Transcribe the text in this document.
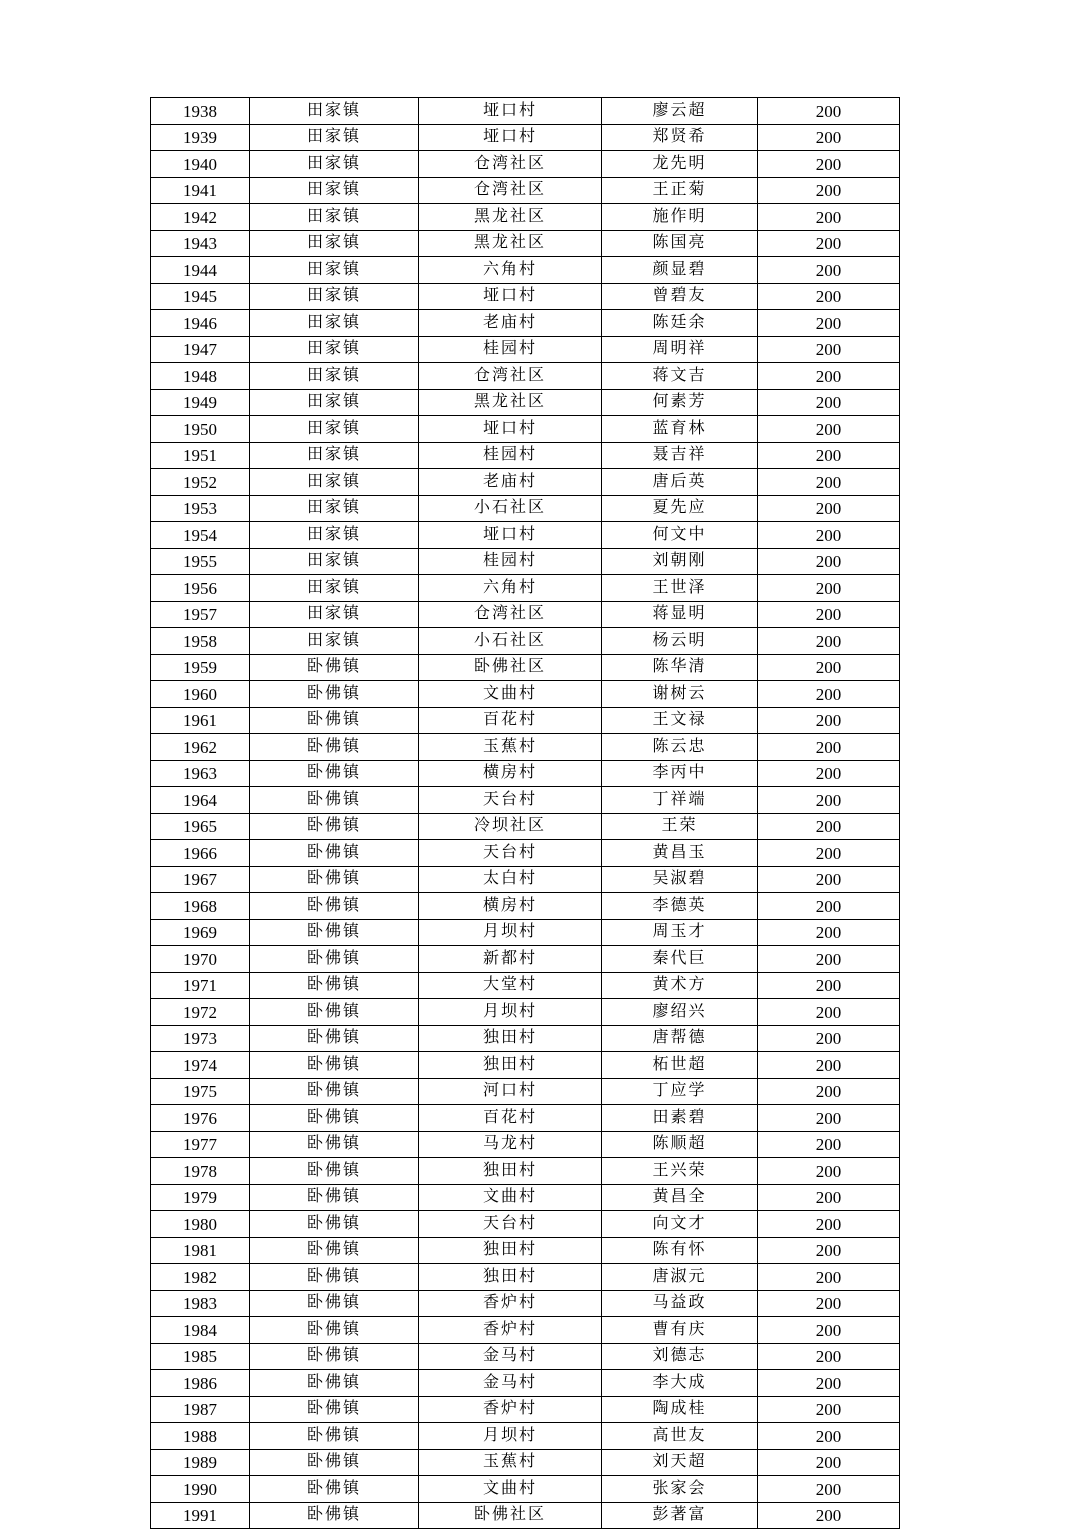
1938	田家镇	垭口村	廖云超	200
1939	田家镇	垭口村	郑贤希	200
1940	田家镇	仓湾社区	龙先明	200
1941	田家镇	仓湾社区	王正菊	200
1942	田家镇	黑龙社区	施作明	200
1943	田家镇	黑龙社区	陈国亮	200
1944	田家镇	六角村	颜显碧	200
1945	田家镇	垭口村	曾碧友	200
1946	田家镇	老庙村	陈廷余	200
1947	田家镇	桂园村	周明祥	200
1948	田家镇	仓湾社区	蒋文吉	200
1949	田家镇	黑龙社区	何素芳	200
1950	田家镇	垭口村	蓝育林	200
1951	田家镇	桂园村	聂吉祥	200
1952	田家镇	老庙村	唐后英	200
1953	田家镇	小石社区	夏先应	200
1954	田家镇	垭口村	何文中	200
1955	田家镇	桂园村	刘朝刚	200
1956	田家镇	六角村	王世泽	200
1957	田家镇	仓湾社区	蒋显明	200
1958	田家镇	小石社区	杨云明	200
1959	卧佛镇	卧佛社区	陈华清	200
1960	卧佛镇	文曲村	谢树云	200
1961	卧佛镇	百花村	王文禄	200
1962	卧佛镇	玉蕉村	陈云忠	200
1963	卧佛镇	横房村	李丙中	200
1964	卧佛镇	天台村	丁祥端	200
1965	卧佛镇	冷坝社区	王荣	200
1966	卧佛镇	天台村	黄昌玉	200
1967	卧佛镇	太白村	吴淑碧	200
1968	卧佛镇	横房村	李德英	200
1969	卧佛镇	月坝村	周玉才	200
1970	卧佛镇	新都村	秦代巨	200
1971	卧佛镇	大堂村	黄术方	200
1972	卧佛镇	月坝村	廖绍兴	200
1973	卧佛镇	独田村	唐帮德	200
1974	卧佛镇	独田村	柘世超	200
1975	卧佛镇	河口村	丁应学	200
1976	卧佛镇	百花村	田素碧	200
1977	卧佛镇	马龙村	陈顺超	200
1978	卧佛镇	独田村	王兴荣	200
1979	卧佛镇	文曲村	黄昌全	200
1980	卧佛镇	天台村	向文才	200
1981	卧佛镇	独田村	陈有怀	200
1982	卧佛镇	独田村	唐淑元	200
1983	卧佛镇	香炉村	马益政	200
1984	卧佛镇	香炉村	曹有庆	200
1985	卧佛镇	金马村	刘德志	200
1986	卧佛镇	金马村	李大成	200
1987	卧佛镇	香炉村	陶成桂	200
1988	卧佛镇	月坝村	高世友	200
1989	卧佛镇	玉蕉村	刘天超	200
1990	卧佛镇	文曲村	张家会	200
1991	卧佛镇	卧佛社区	彭著富	200
